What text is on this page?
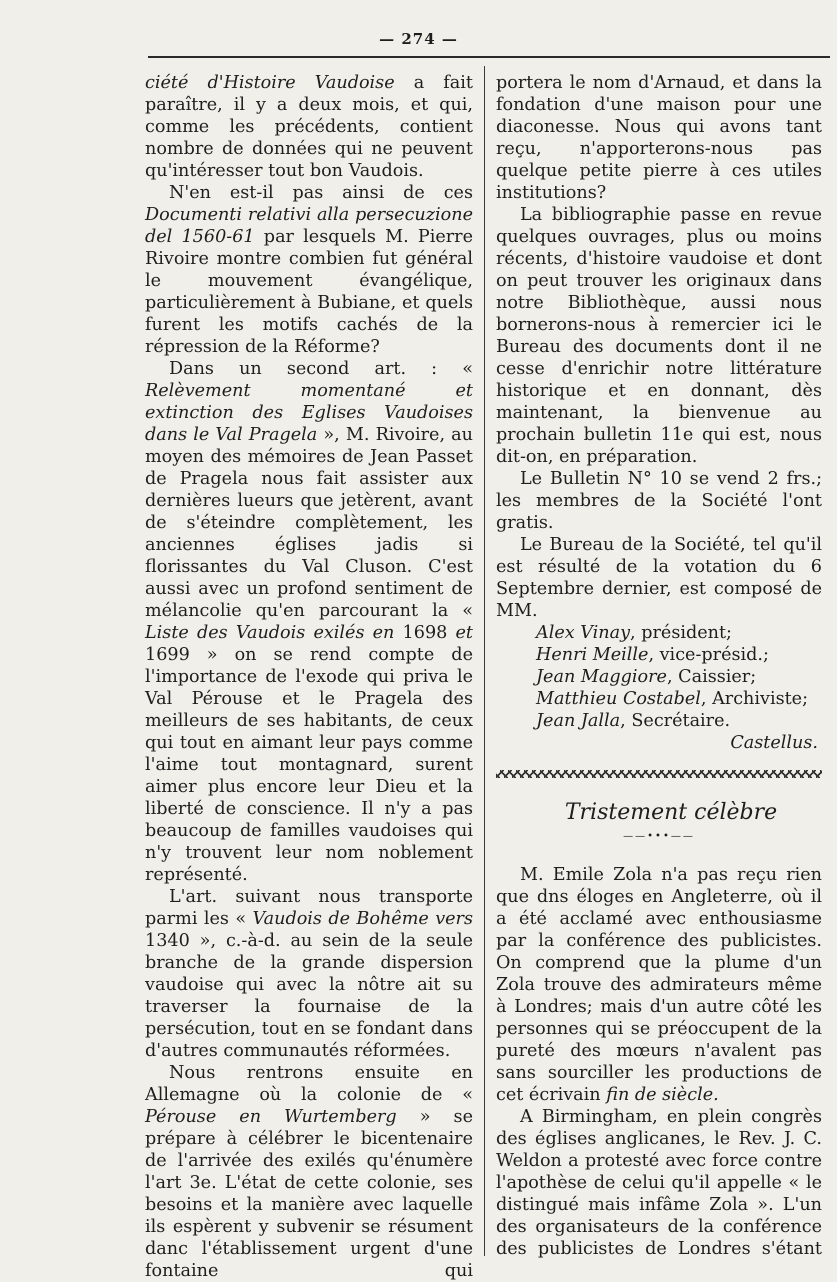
— 274 —

ciété d'Histoire Vaudoise a fait paraître, il y a deux mois, et qui, comme les précédents, contient nombre de données qui ne peuvent qu'intéresser tout bon Vaudois.

N'en est-il pas ainsi de ces Documenti relativi alla persecuzione del 1560-61 par lesquels M. Pierre Rivoire montre combien fut général le mouvement évangélique, particulièrement à Bubiane, et quels furent les motifs cachés de la répression de la Réforme?

Dans un second art. : « Relèvement momentané et extinction des Eglises Vaudoises dans le Val Pragela », M. Rivoire, au moyen des mémoires de Jean Passet de Pragela nous fait assister aux dernières lueurs que jetèrent, avant de s'éteindre complètement, les anciennes églises jadis si florissantes du Val Cluson. C'est aussi avec un profond sentiment de mélancolie qu'en parcourant la « Liste des Vaudois exilés en 1698 et 1699 » on se rend compte de l'importance de l'exode qui priva le Val Pérouse et le Pragela des meilleurs de ses habitants, de ceux qui tout en aimant leur pays comme l'aime tout montagnard, surent aimer plus encore leur Dieu et la liberté de conscience. Il n'y a pas beaucoup de familles vaudoises qui n'y trouvent leur nom noblement représenté.

L'art. suivant nous transporte parmi les « Vaudois de Bohême vers 1340 », c.-à-d. au sein de la seule branche de la grande dispersion vaudoise qui avec la nôtre ait su traverser la fournaise de la persécution, tout en se fondant dans d'autres communautés réformées.

Nous rentrons ensuite en Allemagne où la colonie de « Pérouse en Wurtemberg » se prépare à célébrer le bicentenaire de l'arrivée des exilés qu'énumère l'art 3e. L'état de cette colonie, ses besoins et la manière avec laquelle ils espèrent y subvenir se résument danc l'établissement urgent d'une fontaine qui

portera le nom d'Arnaud, et dans la fondation d'une maison pour une diaconesse. Nous qui avons tant reçu, n'apporterons-nous pas quelque petite pierre à ces utiles institutions?

La bibliographie passe en revue quelques ouvrages, plus ou moins récents, d'histoire vaudoise et dont on peut trouver les originaux dans notre Bibliothèque, aussi nous bornerons-nous à remercier ici le Bureau des documents dont il ne cesse d'enrichir notre littérature historique et en donnant, dès maintenant, la bienvenue au prochain bulletin 11e qui est, nous dit-on, en préparation.

Le Bulletin N° 10 se vend 2 frs.; les membres de la Société l'ont gratis.

Le Bureau de la Société, tel qu'il est résulté de la votation du 6 Septembre dernier, est composé de MM.

Alex Vinay, président;
Henri Meille, vice-présid.;
Jean Maggiore, Caissier;
Matthieu Costabel, Archiviste;
Jean Jalla, Secrétaire.

Castellus.

Tristement célèbre

——•••——

M. Emile Zola n'a pas reçu rien que dns éloges en Angleterre, où il a été acclamé avec enthousiasme par la conférence des publicistes. On comprend que la plume d'un Zola trouve des admirateurs même à Londres; mais d'un autre côté les personnes qui se préoccupent de la pureté des mœurs n'avalent pas sans sourciller les productions de cet écrivain fin de siècle.

A Birmingham, en plein congrès des églises anglicanes, le Rev. J. C. Weldon a protesté avec force contre l'apothèse de celui qu'il appelle « le distingué mais infâme Zola ». L'un des organisateurs de la conférence des publicistes de Londres s'étant
